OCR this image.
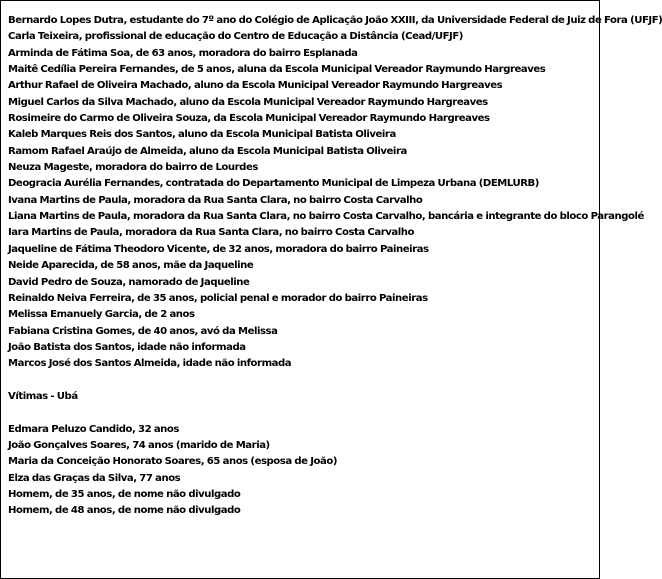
Bernardo Lopes Dutra, estudante do 7º ano do Colégio de Aplicação João XXIII, da Universidade Federal de Juiz de Fora (UFJF)
Carla Teixeira, profissional de educação do Centro de Educação a Distância (Cead/UFJF)
Arminda de Fátima Soa, de 63 anos, moradora do bairro Esplanada
Maitê Cedília Pereira Fernandes, de 5 anos, aluna da Escola Municipal Vereador Raymundo Hargreaves
Arthur Rafael de Oliveira Machado, aluno da Escola Municipal Vereador Raymundo Hargreaves
Miguel Carlos da Silva Machado, aluno da Escola Municipal Vereador Raymundo Hargreaves
Rosimeire do Carmo de Oliveira Souza, da Escola Municipal Vereador Raymundo Hargreaves
Kaleb Marques Reis dos Santos, aluno da Escola Municipal Batista Oliveira
Ramom Rafael Araújo de Almeida, aluno da Escola Municipal Batista Oliveira
Neuza Mageste, moradora do bairro de Lourdes
Deogracia Aurélia Fernandes, contratada do Departamento Municipal de Limpeza Urbana (DEMLURB)
Ivana Martins de Paula, moradora da Rua Santa Clara, no bairro Costa Carvalho
Liana Martins de Paula, moradora da Rua Santa Clara, no bairro Costa Carvalho, bancária e integrante do bloco Parangolé
Iara Martins de Paula, moradora da Rua Santa Clara, no bairro Costa Carvalho
Jaqueline de Fátima Theodoro Vicente, de 32 anos, moradora do bairro Paineiras
Neide Aparecida, de 58 anos, mãe da Jaqueline
David Pedro de Souza, namorado de Jaqueline
Reinaldo Neiva Ferreira, de 35 anos, policial penal e morador do bairro Paineiras
Melissa Emanuely Garcia, de 2 anos
Fabiana Cristina Gomes, de 40 anos, avó da Melissa
João Batista dos Santos, idade não informada
Marcos José dos Santos Almeida, idade não informada
Vítimas - Ubá
Edmara Peluzo Candido, 32 anos
João Gonçalves Soares, 74 anos (marido de Maria)
Maria da Conceição Honorato Soares, 65 anos (esposa de João)
Elza das Graças da Silva, 77 anos
Homem, de 35 anos, de nome não divulgado
Homem, de 48 anos, de nome não divulgado
